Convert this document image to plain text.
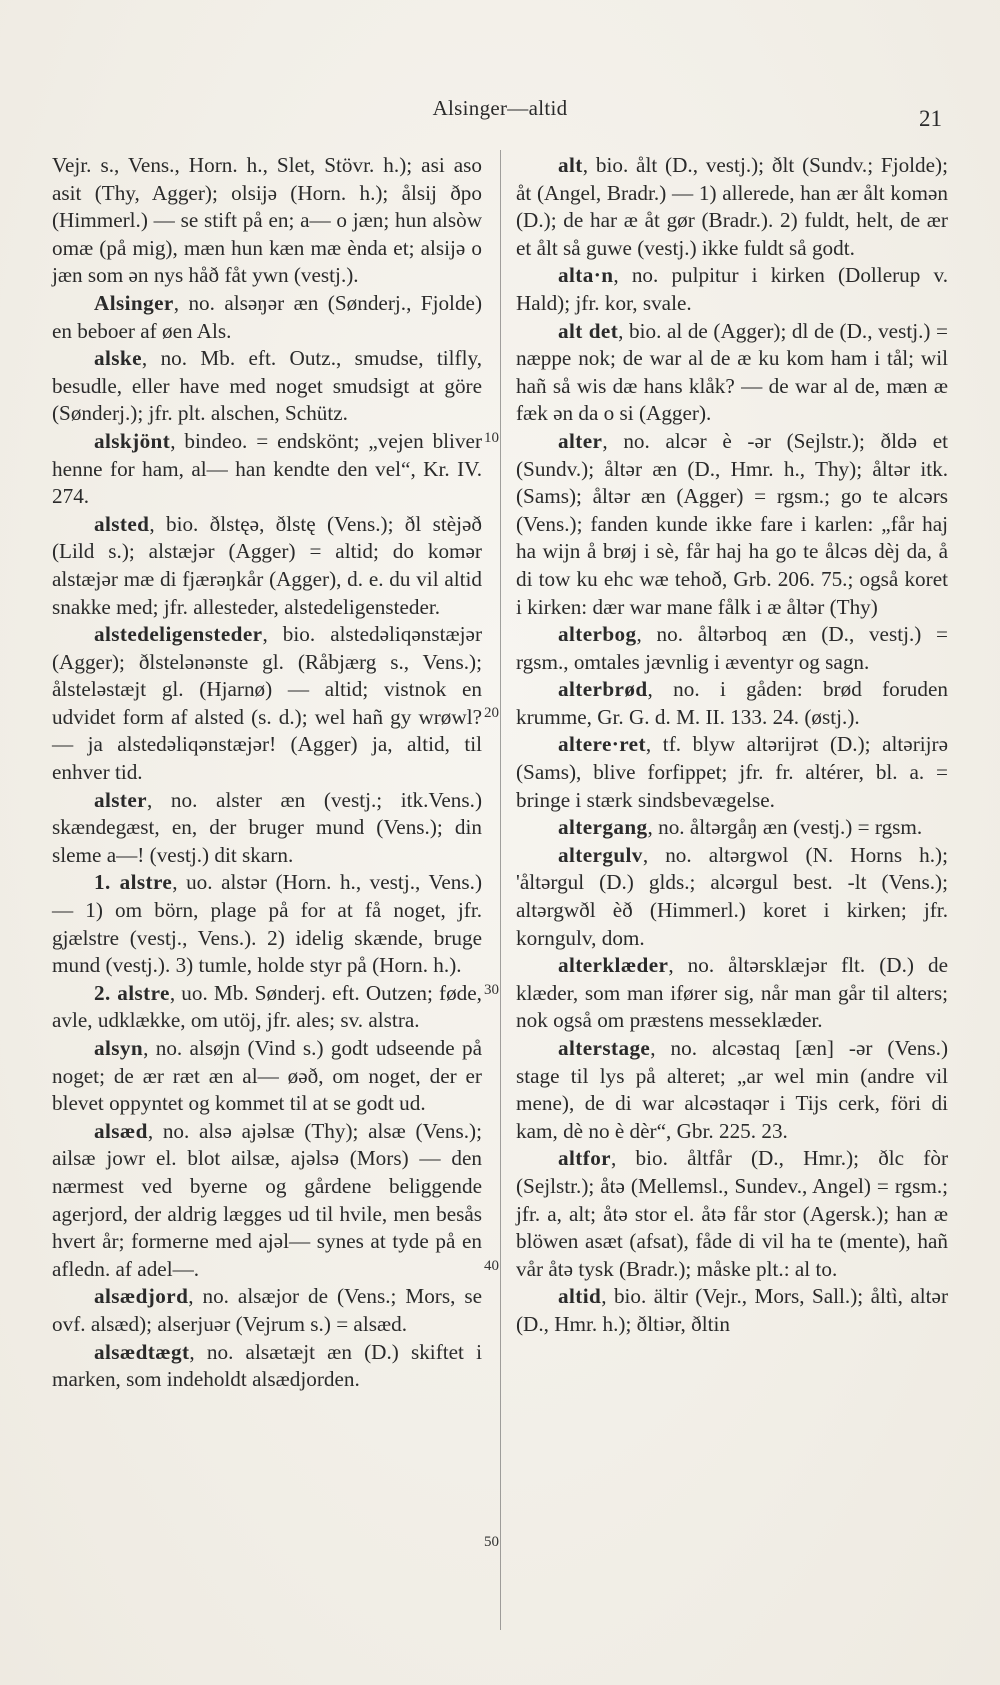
Alsinger—altid	21
10
20
30
40
50

Vejr. s., Vens., Horn. h., Slet, Stövr. h.); asi aso asit (Thy, Agger); olsijə (Horn. h.); ålsij ðpo (Himmerl.) — se stift på en; a— o jæn; hun alsòw omæ (på mig), mæn hun kæn mæ ènda et; alsijə o jæn som ən nys håð fåt ywn (vestj.).

Alsinger, no. alsəŋər æn (Sønderj., Fjolde) en beboer af øen Als.

alske, no. Mb. eft. Outz., smudse, tilfly, besudle, eller have med noget smudsigt at göre (Sønderj.); jfr. plt. alschen, Schütz.

alskjönt, bindeo. = endskönt; „vejen bliver henne for ham, al— han kendte den vel“, Kr. IV. 274.

alsted, bio. ðlstęə, ðlstę (Vens.); ðl stèjəð (Lild s.); alstæjər (Agger) = altid; do komər alstæjər mæ di fjærəŋkår (Agger), d. e. du vil altid snakke med; jfr. allesteder, alstedeligensteder.

alstedeligensteder, bio. alstedəliqənstæjər (Agger); ðlstelənənste gl. (Råbjærg s., Vens.); ålstelǝstæjt gl. (Hjarnø) — altid; vistnok en udvidet form af alsted (s. d.); wel hañ gy wrøwl? — ja alstedəliqənstæjər! (Agger) ja, altid, til enhver tid.

alster, no. alster æn (vestj.; itk.Vens.) skændegæst, en, der bruger mund (Vens.); din sleme a—! (vestj.) dit skarn.

1. alstre, uo. alstər (Horn. h., vestj., Vens.) — 1) om börn, plage på for at få noget, jfr. gjælstre (vestj., Vens.). 2) idelig skænde, bruge mund (vestj.). 3) tumle, holde styr på (Horn. h.).

2. alstre, uo. Mb. Sønderj. eft. Outzen; føde, avle, udklække, om utöj, jfr. ales; sv. alstra.

alsyn, no. alsøjn (Vind s.) godt udseende på noget; de ær ræt æn al— øəð, om noget, der er blevet oppyntet og kommet til at se godt ud.

alsæd, no. alsə ajəlsæ (Thy); alsæ (Vens.); ailsæ jowr el. blot ailsæ, ajəlsə (Mors) — den nærmest ved byerne og gårdene beliggende agerjord, der aldrig lægges ud til hvile, men besås hvert år; formerne med ajəl— synes at tyde på en afledn. af adel—.

alsædjord, no. alsæjor de (Vens.; Mors, se ovf. alsæd); alserjuər (Vejrum s.) = alsæd.

alsædtægt, no. alsætæjt æn (D.) skiftet i marken, som indeholdt alsædjorden.

alt, bio. ålt (D., vestj.); ðlt (Sundv.; Fjolde); åt (Angel, Bradr.) — 1) allerede, han ær ålt komən (D.); de har æ åt gør (Bradr.). 2) fuldt, helt, de ær et ålt så guwe (vestj.) ikke fuldt så godt.

alta·n, no. pulpitur i kirken (Dollerup v. Hald); jfr. kor, svale.

alt det, bio. al de (Agger); dl de (D., vestj.) = næppe nok; de war al de æ ku kom ham i tål; wil hañ så wis dæ hans klåk? — de war al de, mæn æ fæk ən da o si (Agger).

alter, no. alcər è -ər (Sejlstr.); ðldə et (Sundv.); åltər æn (D., Hmr. h., Thy); åltər itk. (Sams); åltər æn (Agger) = rgsm.; go te alcərs (Vens.); fanden kunde ikke fare i karlen: „får haj ha wijn å brøj i sè, får haj ha go te ålcəs dèj da, å di tow ku ehc wæ tehoð, Grb. 206. 75.; også koret i kirken: dær war mane fålk i æ åltər (Thy)

alterbog, no. åltərboq æn (D., vestj.) = rgsm., omtales jævnlig i æventyr og sagn.

alterbrød, no. i gåden: brød foruden krumme, Gr. G. d. M. II. 133. 24. (østj.).

altere·ret, tf. blyw altərijrət (D.); altərijrə (Sams), blive forfippet; jfr. fr. altérer, bl. a. = bringe i stærk sindsbevægelse.

altergang, no. åltərgåŋ æn (vestj.) = rgsm.

altergulv, no. altərgwol (N. Horns h.); 'åltərgul (D.) glds.; alcərgul best. -lt (Vens.); altərgwðl èð (Himmerl.) koret i kirken; jfr. korngulv, dom.

alterklæder, no. åltərsklæjər flt. (D.) de klæder, som man ifører sig, når man går til alters; nok også om præstens messeklæder.

alterstage, no. alcəstaq [æn] -ər (Vens.) stage til lys på alteret; „ar wel min (andre vil mene), de di war alcəstaqər i Tijs cerk, föri di kam, dè no è dèr“, Gbr. 225. 23.

altfor, bio. åltfår (D., Hmr.); ðlc fòr (Sejlstr.); åtə (Mellemsl., Sundev., Angel) = rgsm.; jfr. a, alt; åtə stor el. åtə får stor (Agersk.); han æ blöwen asæt (afsat), fåde di vil ha te (mente), hañ vår åtə tysk (Bradr.); måske plt.: al to.

altid, bio. ältir (Vejr., Mors, Sall.); åltì, altər (D., Hmr. h.); ðltiər, ðltin
